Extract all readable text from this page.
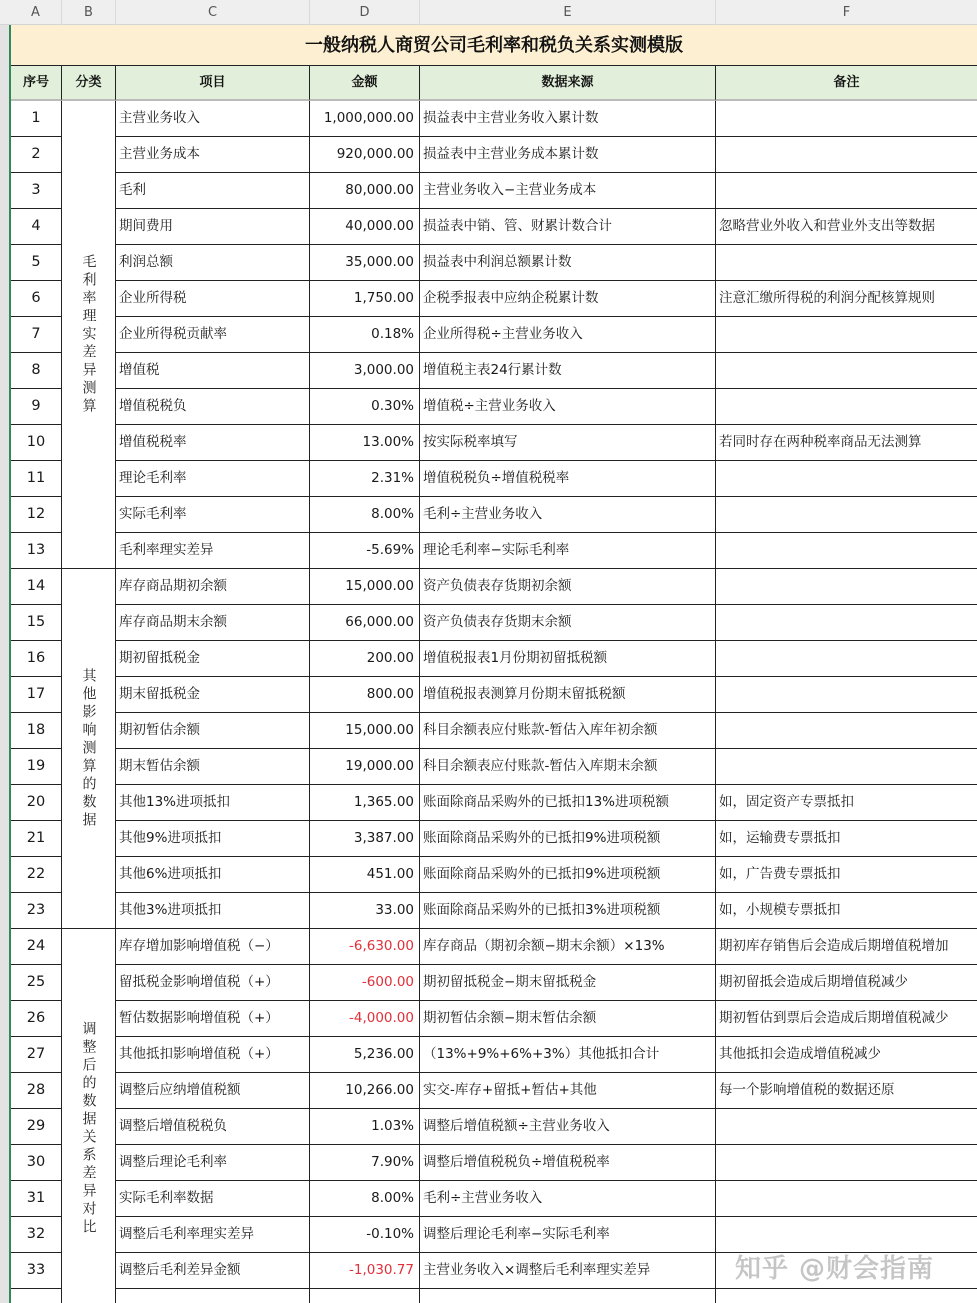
A	B	C	D	E	F
一般纳税人商贸公司毛利率和税负关系实测模版
序号	分类	项目	金额	数据来源	备注
毛利率理实差异测算
其他影响测算的数据
调整后的数据关系差异对比
1	主营业务收入	1,000,000.00 损益表中主营业务收入累计数
2	主营业务成本	920,000.00 损益表中主营业务成本累计数
3	毛利	80,000.00 主营业务收入−主营业务成本
4	期间费用	40,000.00 损益表中销、管、财累计数合计	忽略营业外收入和营业外支出等数据
5	利润总额	35,000.00 损益表中利润总额累计数
6	企业所得税	1,750.00 企税季报表中应纳企税累计数	注意汇缴所得税的利润分配核算规则
7	企业所得税贡献率	0.18% 企业所得税÷主营业务收入
8	增值税	3,000.00 增值税主表24行累计数
9	增值税税负	0.30% 增值税÷主营业务收入
10	增值税税率	13.00% 按实际税率填写	若同时存在两种税率商品无法测算
11	理论毛利率	2.31% 增值税税负÷增值税税率
12	实际毛利率	8.00% 毛利÷主营业务收入
13	毛利率理实差异	-5.69% 理论毛利率−实际毛利率
14	库存商品期初余额	15,000.00 资产负债表存货期初余额
15	库存商品期末余额	66,000.00 资产负债表存货期末余额
16	期初留抵税金	200.00 增值税报表1月份期初留抵税额
17	期末留抵税金	800.00 增值税报表测算月份期末留抵税额
18	期初暂估余额	15,000.00 科目余额表应付账款-暂估入库年初余额
19	期末暂估余额	19,000.00 科目余额表应付账款-暂估入库期末余额
20	其他13%进项抵扣	1,365.00 账面除商品采购外的已抵扣13%进项税额	如，固定资产专票抵扣
21	其他9%进项抵扣	3,387.00 账面除商品采购外的已抵扣9%进项税额	如，运输费专票抵扣
22	其他6%进项抵扣	451.00 账面除商品采购外的已抵扣9%进项税额	如，广告费专票抵扣
23	其他3%进项抵扣	33.00 账面除商品采购外的已抵扣3%进项税额	如，小规模专票抵扣
24	库存增加影响增值税（−）	-6,630.00 库存商品（期初余额−期末余额）×13%	期初库存销售后会造成后期增值税增加
25	留抵税金影响增值税（+）	-600.00 期初留抵税金−期末留抵税金	期初留抵会造成后期增值税减少
26	暂估数据影响增值税（+）	-4,000.00 期初暂估余额−期末暂估余额	期初暂估到票后会造成后期增值税减少
27	其他抵扣影响增值税（+）	5,236.00 （13%+9%+6%+3%）其他抵扣合计	其他抵扣会造成增值税减少
28	调整后应纳增值税额	10,266.00 实交-库存+留抵+暂估+其他	每一个影响增值税的数据还原
29	调整后增值税税负	1.03% 调整后增值税额÷主营业务收入
30	调整后理论毛利率	7.90% 调整后增值税税负÷增值税税率
31	实际毛利率数据	8.00% 毛利÷主营业务收入
32	调整后毛利率理实差异	-0.10% 调整后理论毛利率−实际毛利率
33	调整后毛利差异金额	-1,030.77 主营业务收入×调整后毛利率理实差异	知乎 @财会指南
